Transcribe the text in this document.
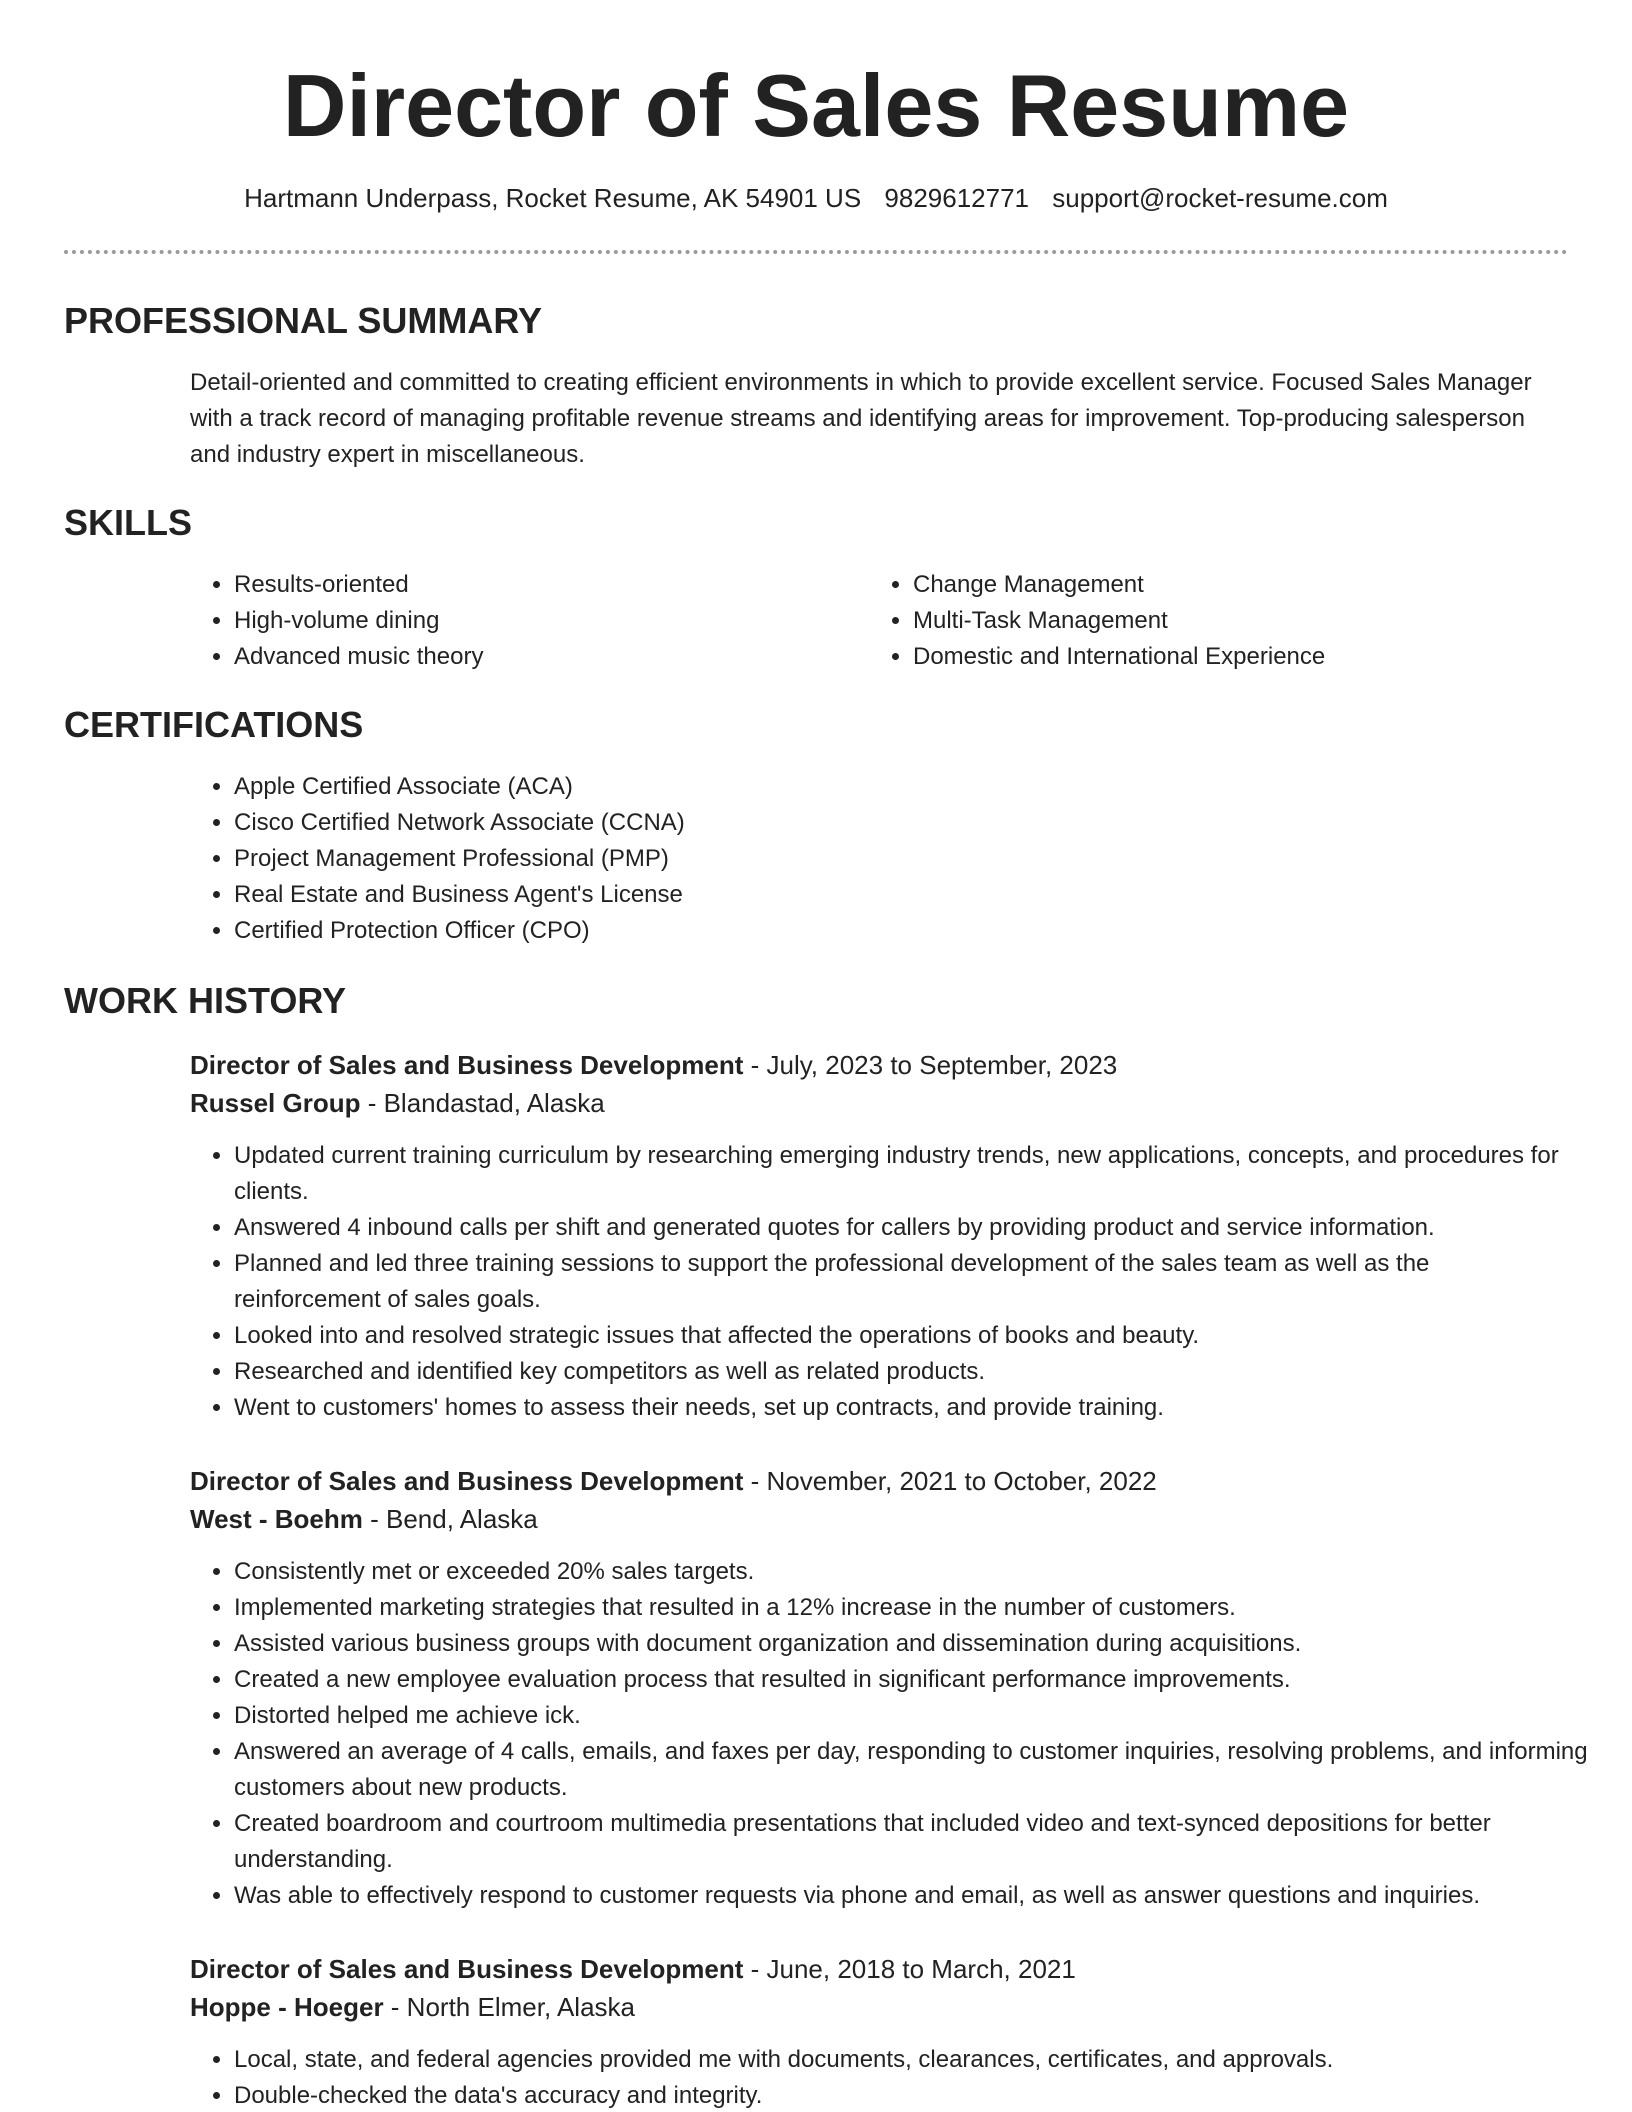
Director of Sales Resume
Hartmann Underpass, Rocket Resume, AK 54901 US 9829612771 support@rocket-resume.com
PROFESSIONAL SUMMARY

Detail-oriented and committed to creating efficient environments in which to provide excellent service. Focused Sales Manager with a track record of managing profitable revenue streams and identifying areas for improvement. Top-producing salesperson and industry expert in miscellaneous.

SKILLS
• Results-oriented
• High-volume dining
• Advanced music theory
• Change Management
• Multi-Task Management
• Domestic and International Experience
CERTIFICATIONS
• Apple Certified Associate (ACA)
• Cisco Certified Network Associate (CCNA)
• Project Management Professional (PMP)
• Real Estate and Business Agent's License
• Certified Protection Officer (CPO)
WORK HISTORY
Director of Sales and Business Development - July, 2023 to September, 2023
Russel Group - Blandastad, Alaska
• Updated current training curriculum by researching emerging industry trends, new applications, concepts, and procedures for clients.
• Answered 4 inbound calls per shift and generated quotes for callers by providing product and service information.
• Planned and led three training sessions to support the professional development of the sales team as well as the reinforcement of sales goals.
• Looked into and resolved strategic issues that affected the operations of books and beauty.
• Researched and identified key competitors as well as related products.
• Went to customers' homes to assess their needs, set up contracts, and provide training.
Director of Sales and Business Development - November, 2021 to October, 2022
West - Boehm - Bend, Alaska
• Consistently met or exceeded 20% sales targets.
• Implemented marketing strategies that resulted in a 12% increase in the number of customers.
• Assisted various business groups with document organization and dissemination during acquisitions.
• Created a new employee evaluation process that resulted in significant performance improvements.
• Distorted helped me achieve ick.
• Answered an average of 4 calls, emails, and faxes per day, responding to customer inquiries, resolving problems, and informing customers about new products.
• Created boardroom and courtroom multimedia presentations that included video and text-synced depositions for better understanding.
• Was able to effectively respond to customer requests via phone and email, as well as answer questions and inquiries.
Director of Sales and Business Development - June, 2018 to March, 2021
Hoppe - Hoeger - North Elmer, Alaska
• Local, state, and federal agencies provided me with documents, clearances, certificates, and approvals.
• Double-checked the data's accuracy and integrity.
